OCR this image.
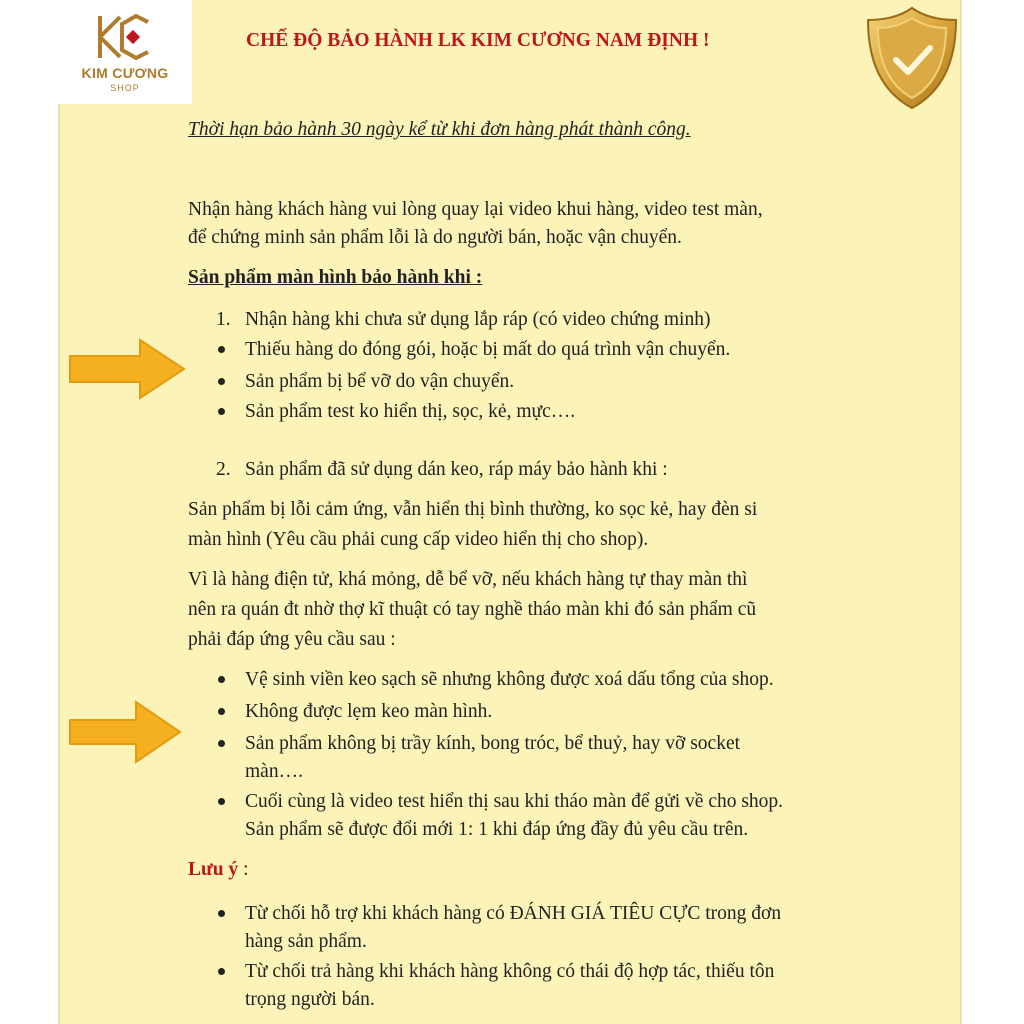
KIM CƯƠNG
SHOP
CHẾ ĐỘ BẢO HÀNH LK KIM CƯƠNG NAM ĐỊNH !
Thời hạn bảo hành 30 ngày kể từ khi đơn hàng phát thành công.
Nhận hàng khách hàng vui lòng quay lại video khui hàng, video test màn,
để chứng minh sản phẩm lỗi là do người bán, hoặc vận chuyển.
Sản phẩm màn hình bảo hành khi :
1. Nhận hàng khi chưa sử dụng lắp ráp (có video chứng minh)
Thiếu hàng do đóng gói, hoặc bị mất do quá trình vận chuyển.
Sản phẩm bị bể vỡ do vận chuyển.
Sản phẩm test ko hiển thị, sọc, kẻ, mực….
2. Sản phẩm đã sử dụng dán keo, ráp máy bảo hành khi :
Sản phẩm bị lỗi cảm ứng, vẫn hiển thị bình thường, ko sọc kẻ, hay đèn si
màn hình (Yêu cầu phải cung cấp video hiển thị cho shop).
Vì là hàng điện tử, khá mỏng, dễ bể vỡ, nếu khách hàng tự thay màn thì
nên ra quán đt nhờ thợ kĩ thuật có tay nghề tháo màn khi đó sản phẩm cũ
phải đáp ứng yêu cầu sau :
Vệ sinh viền keo sạch sẽ nhưng không được xoá dấu tổng của shop.
Không được lẹm keo màn hình.
Sản phẩm không bị trầy kính, bong tróc, bể thuỷ, hay vỡ socket
màn….
Cuối cùng là video test hiển thị sau khi tháo màn để gửi về cho shop.
Sản phẩm sẽ được đổi mới 1: 1 khi đáp ứng đầy đủ yêu cầu trên.
Lưu ý :
Từ chối hỗ trợ khi khách hàng có ĐÁNH GIÁ TIÊU CỰC trong đơn
hàng sản phẩm.
Từ chối trả hàng khi khách hàng không có thái độ hợp tác, thiếu tôn
trọng người bán.
